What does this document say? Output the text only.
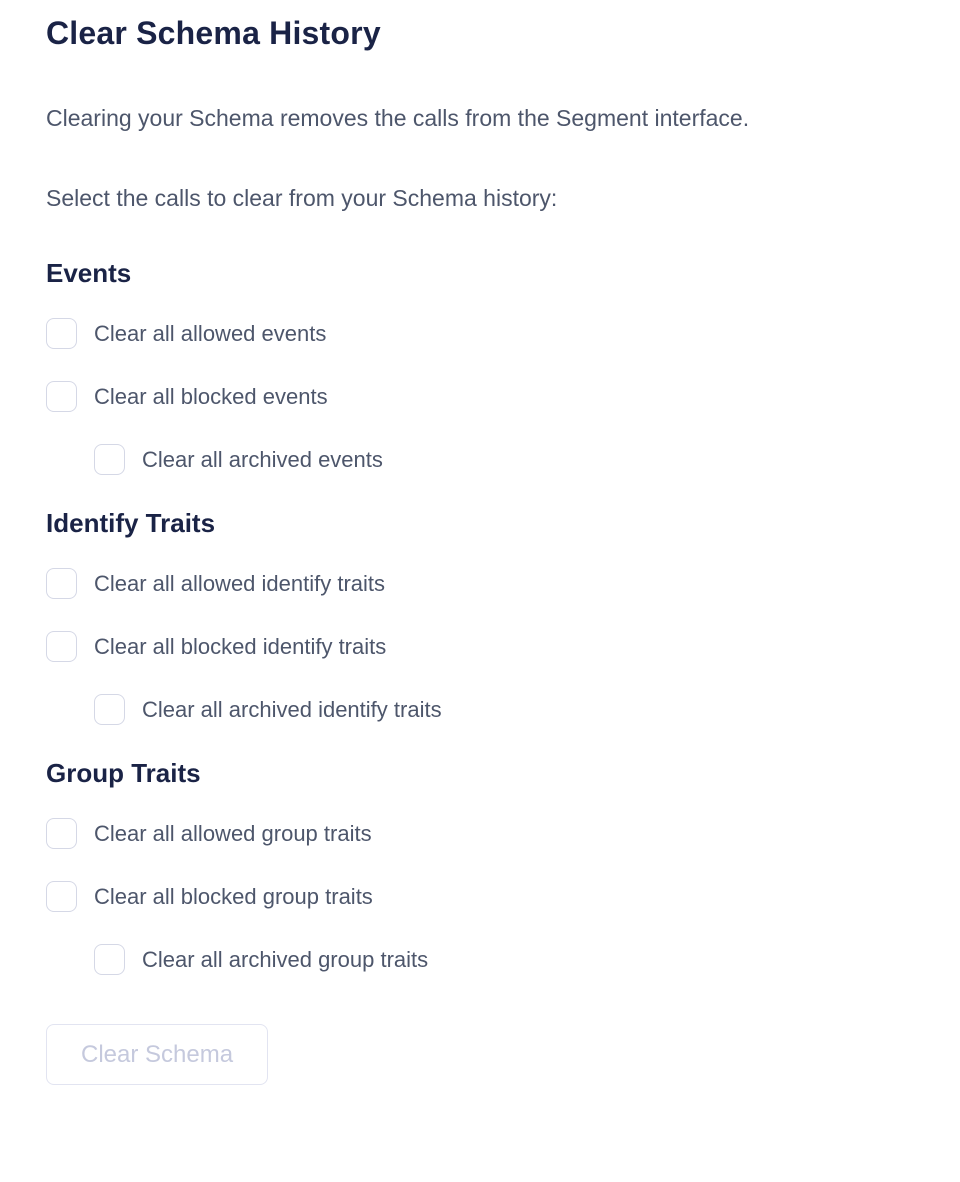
Clear Schema History

Clearing your Schema removes the calls from the Segment interface.

Select the calls to clear from your Schema history:

Events
Clear all allowed events
Clear all blocked events
Clear all archived events
Identify Traits
Clear all allowed identify traits
Clear all blocked identify traits
Clear all archived identify traits
Group Traits
Clear all allowed group traits
Clear all blocked group traits
Clear all archived group traits
Clear Schema
